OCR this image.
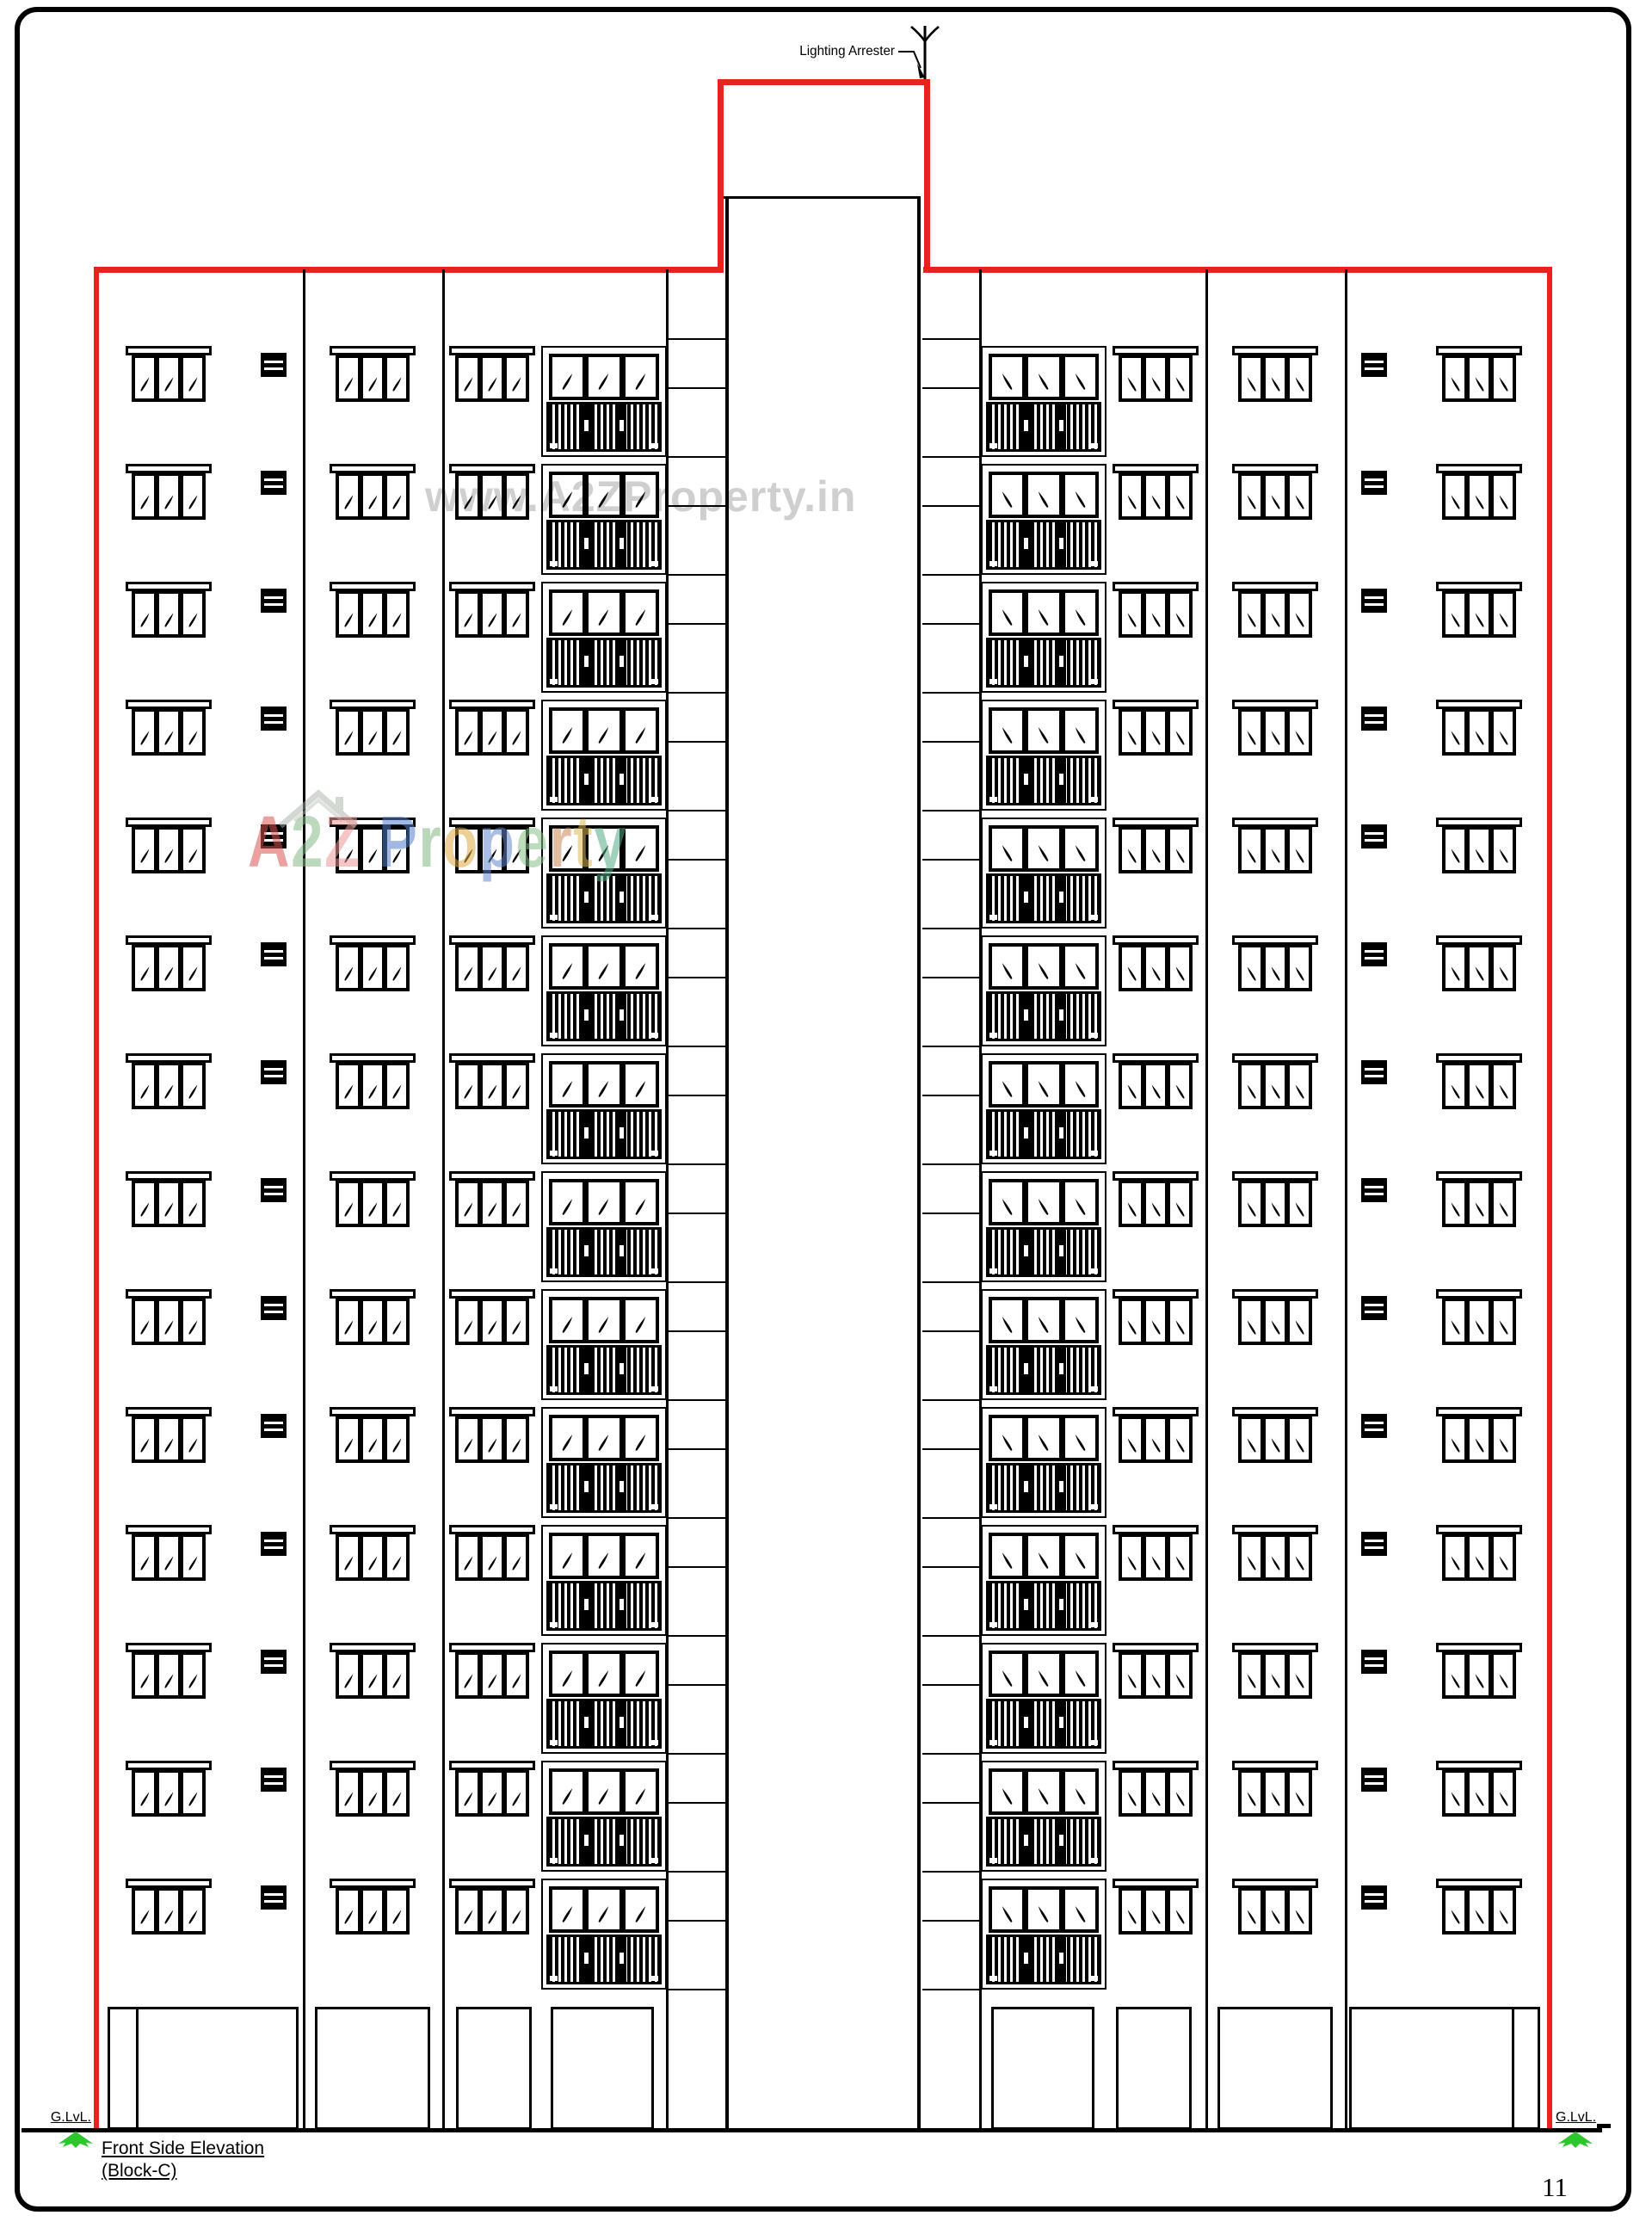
Lighting Arrester
www.A2ZProperty.in
A2Z Property
G.LvL.	G.LvL.
Front Side Elevation
(Block-C)
11
